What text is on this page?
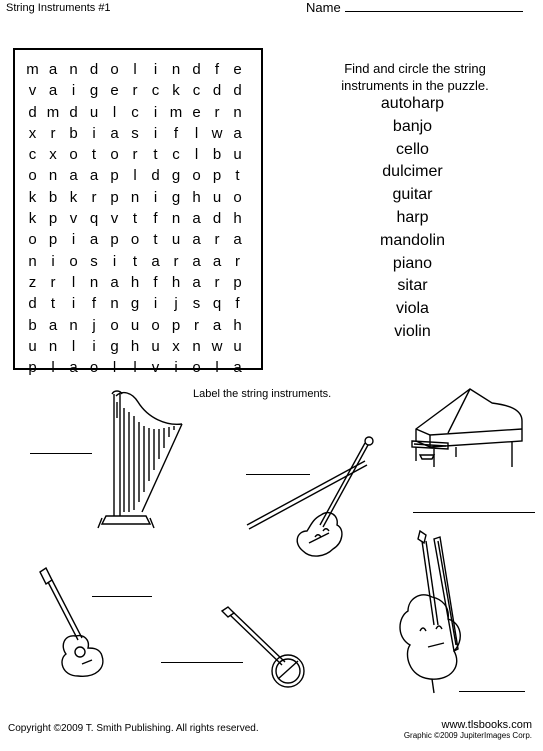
String Instruments #1	Name
m a n d o l	i n d f e
v a i g e r c k c d d
d m d u l	c	i m e r n
x r b i a s	i	f	l w a
c x o t o r	t c	l b u
o n a a p l d g o p t
k b k r p n i g h u o
k p v q v t	f n a d h
o p i a p o t u a r a
n i o s	i	t a r a a r
z r	l n a h f h a r p
d t	i	f n g i	j	s q f
b a n j o u o p r a h
u n l	i g h u x n w u
p l a o l	l	v	i o l a
Find and circle the string
instruments in the puzzle.
autoharp
banjo
cello
dulcimer
guitar
harp
mandolin
piano
sitar
viola
violin
Label the string instruments.
Copyright ©2009 T. Smith Publishing. All rights reserved.	www.tlsbooks.com
Graphic ©2009 JupiterImages Corp.
